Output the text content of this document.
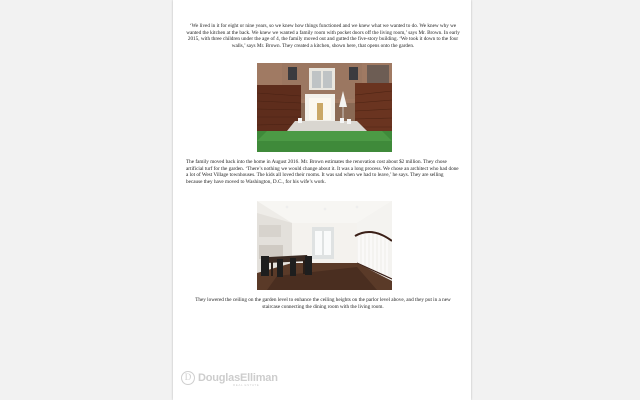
‘We lived in it for eight or nine years, so we knew how things functioned and we knew what we wanted to do. We knew why we wanted the kitchen at the back. We knew we wanted a family room with pocket doors off the living room,’ says Mr. Brown. In early 2015, with three children under the age of 4, the family moved out and gutted the five-story building. ‘We took it down to the four walls,’ says Mr. Brown. They created a kitchen, shown here, that opens onto the garden.

The family moved back into the home in August 2016. Mr. Brown estimates the renovation cost about $2 million. They chose artificial turf for the garden. ‘There’s nothing we would change about it. It was a long process. We chose an architect who had done a lot of West Village townhouses. The kids all loved their rooms. It was sad when we had to leave,’ he says. They are selling because they have moved to Washington, D.C., for his wife’s work.

They lowered the ceiling on the garden level to enhance the ceiling heights on the parlor level above, and they put in a new staircase connecting the dining room with the living room.

D DouglasElliman
REAL ESTATE
